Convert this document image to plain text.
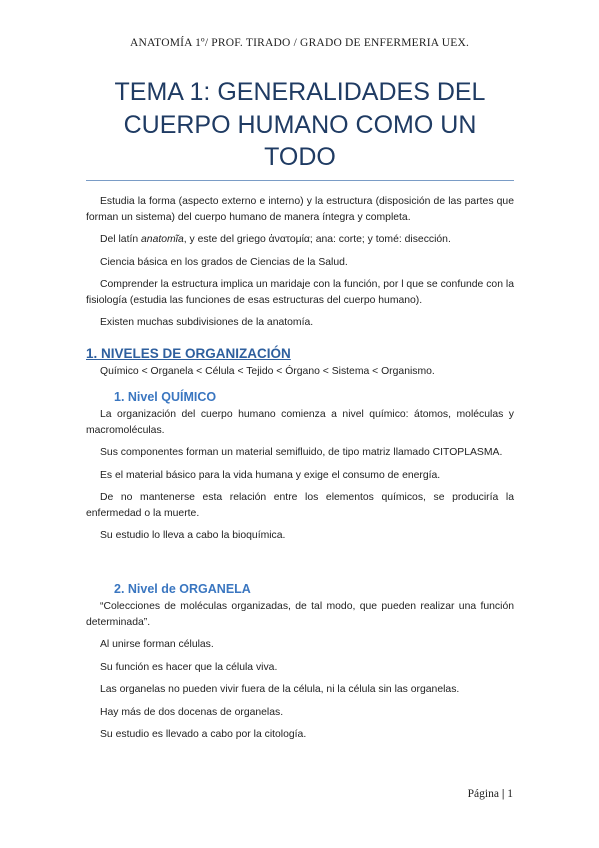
ANATOMÍA 1º/ PROF. TIRADO / GRADO DE ENFERMERIA UEX.
TEMA 1: GENERALIDADES DEL
CUERPO HUMANO COMO UN
TODO

Estudia la forma (aspecto externo e interno) y la estructura (disposición de las partes que forman un sistema) del cuerpo humano de manera íntegra y completa.

Del latín anatomĩa, y este del griego ἀνατομία; ana: corte; y tomé: disección.

Ciencia básica en los grados de Ciencias de la Salud.

Comprender la estructura implica un maridaje con la función, por l que se confunde con la fisiología (estudia las funciones de esas estructuras del cuerpo humano).

Existen muchas subdivisiones de la anatomía.

1. NIVELES DE ORGANIZACIÓN

Químico < Organela < Célula < Tejido < Órgano < Sistema < Organismo.

1. Nivel QUÍMICO

La organización del cuerpo humano comienza a nivel químico: átomos, moléculas y macromoléculas.

Sus componentes forman un material semifluido, de tipo matriz llamado CITOPLASMA.

Es el material básico para la vida humana y exige el consumo de energía.

De no mantenerse esta relación entre los elementos químicos, se produciría la enfermedad o la muerte.

Su estudio lo lleva a cabo la bioquímica.

2. Nivel de ORGANELA

“Colecciones de moléculas organizadas, de tal modo, que pueden realizar una función determinada”.

Al unirse forman células.

Su función es hacer que la célula viva.

Las organelas no pueden vivir fuera de la célula, ni la célula sin las organelas.

Hay más de dos docenas de organelas.

Su estudio es llevado a cabo por la citología.

Página | 1
